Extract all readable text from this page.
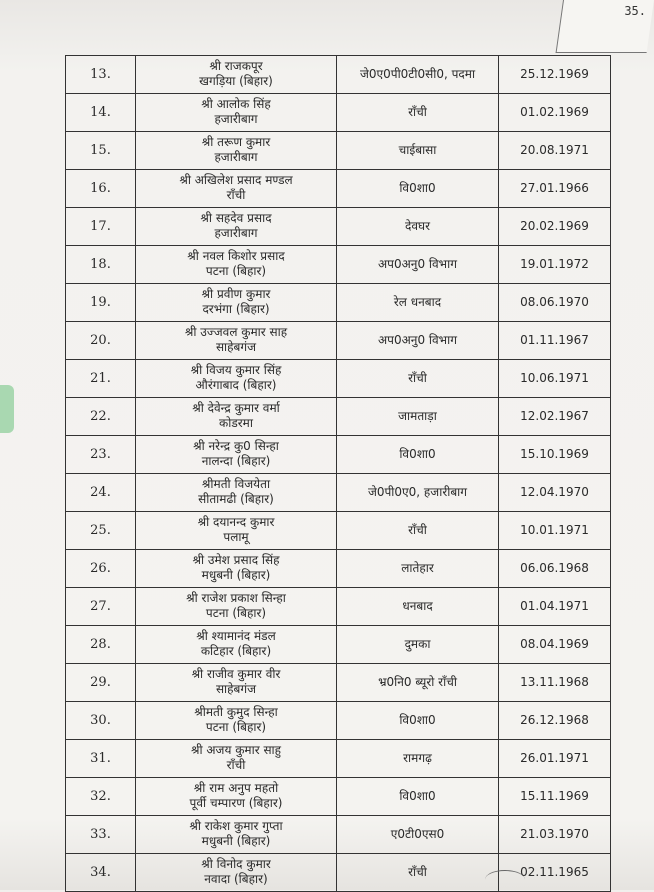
35.
13.
श्री राजकपूर
खगड़िया (बिहार)	जे0ए0पी0टी0सी0, पदमा	25.12.1969
14.
श्री आलोक सिंह
हजारीबाग	राँची	01.02.1969
15.
श्री तरूण कुमार
हजारीबाग	चाईबासा	20.08.1971
16.
श्री अखिलेश प्रसाद मण्डल
राँची	वि0शा0	27.01.1966
17.
श्री सहदेव प्रसाद
हजारीबाग	देवघर	20.02.1969
18.
श्री नवल किशोर प्रसाद
पटना (बिहार)	अप0अनु0 विभाग	19.01.1972
19.
श्री प्रवीण कुमार
दरभंगा (बिहार)	रेल धनबाद	08.06.1970
20.
श्री उज्जवल कुमार साह
साहेबगंज	अप0अनु0 विभाग	01.11.1967
21.
श्री विजय कुमार सिंह
औरंगाबाद (बिहार)	राँची	10.06.1971
22.
श्री देवेन्द्र कुमार वर्मा
कोडरमा	जामताड़ा	12.02.1967
23.
श्री नरेन्द्र कु0 सिन्हा
नालन्दा (बिहार)	वि0शा0	15.10.1969
24.
श्रीमती विजयेता
सीतामढी (बिहार)	जे0पी0ए0, हजारीबाग	12.04.1970
25.
श्री दयानन्द कुमार
पलामू	राँची	10.01.1971
26.
श्री उमेश प्रसाद सिंह
मधुबनी (बिहार)	लातेहार	06.06.1968
27.
श्री राजेश प्रकाश सिन्हा
पटना (बिहार)	धनबाद	01.04.1971
28.
श्री श्यामानंद मंडल
कटिहार (बिहार)	दुमका	08.04.1969
29.
श्री राजीव कुमार वीर
साहेबगंज	भ्र0नि0 ब्यूरो राँची	13.11.1968
30.
श्रीमती कुमुद सिन्हा
पटना (बिहार)	वि0शा0	26.12.1968
31.
श्री अजय कुमार साहु
राँची	रामगढ़	26.01.1971
32.
श्री राम अनुप महतो
पूर्वी चम्पारण (बिहार)	वि0शा0	15.11.1969
33.
श्री राकेश कुमार गुप्ता
मधुबनी (बिहार)	ए0टी0एस0	21.03.1970
34.
श्री विनोद कुमार
नवादा (बिहार)	राँची	02.11.1965
